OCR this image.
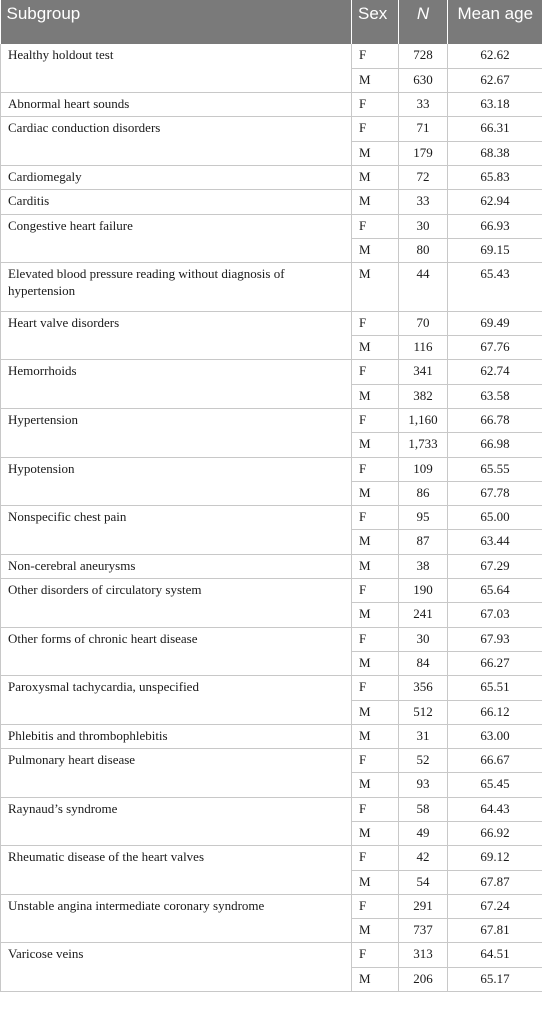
Subgroup	Sex	N	Mean age
Healthy holdout test	F	728	62.62
	M	630	62.67
Abnormal heart sounds	F	33	63.18
Cardiac conduction disorders	F	71	66.31
	M	179	68.38
Cardiomegaly	M	72	65.83
Carditis	M	33	62.94
Congestive heart failure	F	30	66.93
	M	80	69.15
Elevated blood pressure reading without diagnosis of hypertension	M	44	65.43
Heart valve disorders	F	70	69.49
	M	116	67.76
Hemorrhoids	F	341	62.74
	M	382	63.58
Hypertension	F	1,160	66.78
	M	1,733	66.98
Hypotension	F	109	65.55
	M	86	67.78
Nonspecific chest pain	F	95	65.00
	M	87	63.44
Non-cerebral aneurysms	M	38	67.29
Other disorders of circulatory system	F	190	65.64
	M	241	67.03
Other forms of chronic heart disease	F	30	67.93
	M	84	66.27
Paroxysmal tachycardia, unspecified	F	356	65.51
	M	512	66.12
Phlebitis and thrombophlebitis	M	31	63.00
Pulmonary heart disease	F	52	66.67
	M	93	65.45
Raynaud’s syndrome	F	58	64.43
	M	49	66.92
Rheumatic disease of the heart valves	F	42	69.12
	M	54	67.87
Unstable angina intermediate coronary syndrome	F	291	67.24
	M	737	67.81
Varicose veins	F	313	64.51
	M	206	65.17
